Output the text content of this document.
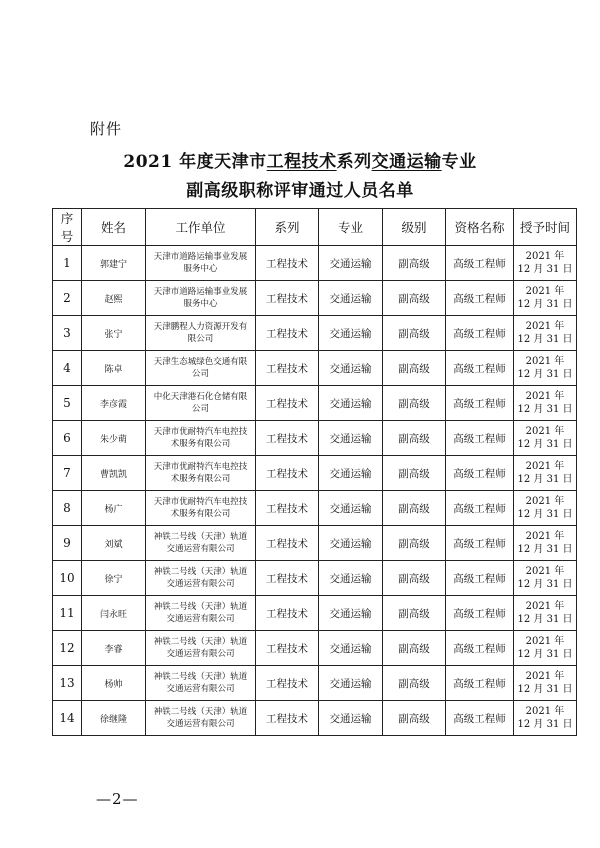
附件
2021 年度天津市工程技术系列交通运输专业
副高级职称评审通过人员名单
序号	姓名	工作单位	系列	专业	级别	资格名称	授予时间
1	郭建宁	天津市道路运输事业发展服务中心	工程技术	交通运输	副高级	高级工程师	2021 年
12 月 31 日

2	赵熙	天津市道路运输事业发展服务中心	工程技术	交通运输	副高级	高级工程师	2021 年
12 月 31 日

3	张宁	天津鹏程人力资源开发有限公司	工程技术	交通运输	副高级	高级工程师	2021 年
12 月 31 日

4	陈卓	天津生态城绿色交通有限公司	工程技术	交通运输	副高级	高级工程师	2021 年
12 月 31 日

5	李彦霞	中化天津港石化仓储有限公司	工程技术	交通运输	副高级	高级工程师	2021 年
12 月 31 日

6	朱少萌	天津市优耐特汽车电控技术服务有限公司	工程技术	交通运输	副高级	高级工程师	2021 年
12 月 31 日

7	曹凯凯	天津市优耐特汽车电控技术服务有限公司	工程技术	交通运输	副高级	高级工程师	2021 年
12 月 31 日

8	杨广	天津市优耐特汽车电控技术服务有限公司	工程技术	交通运输	副高级	高级工程师	2021 年
12 月 31 日

9	刘斌	神铁二号线（天津）轨道交通运营有限公司	工程技术	交通运输	副高级	高级工程师	2021 年
12 月 31 日

10	徐宁	神铁二号线（天津）轨道交通运营有限公司	工程技术	交通运输	副高级	高级工程师	2021 年
12 月 31 日

11	闫永旺	神铁二号线（天津）轨道交通运营有限公司	工程技术	交通运输	副高级	高级工程师	2021 年
12 月 31 日

12	李睿	神铁二号线（天津）轨道交通运营有限公司	工程技术	交通运输	副高级	高级工程师	2021 年
12 月 31 日

13	杨帅	神铁二号线（天津）轨道交通运营有限公司	工程技术	交通运输	副高级	高级工程师	2021 年
12 月 31 日

14	徐继隆	神铁二号线（天津）轨道交通运营有限公司	工程技术	交通运输	副高级	高级工程师	2021 年
12 月 31 日
—2—
